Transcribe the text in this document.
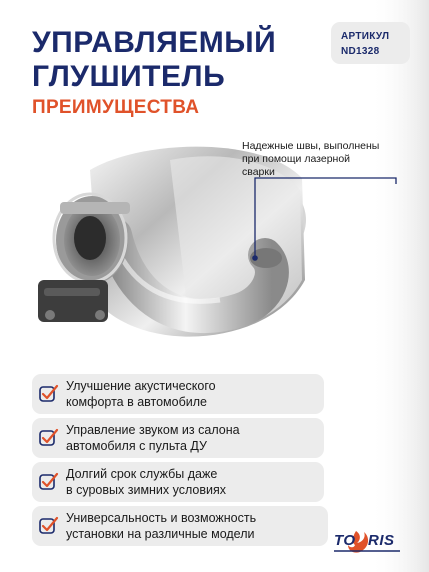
УПРАВЛЯЕМЫЙ
ГЛУШИТЕЛЬ
ПРЕИМУЩЕСТВА
АРТИКУЛ
ND1328
Надежные швы, выполнены
при помощи лазерной
сварки
Улучшение акустического
комфорта в автомобиле
Управление звуком из салона
автомобиля с пульта ДУ
Долгий срок службы даже
в суровых зимних условиях
Универсальность и возможность
установки на различные модели	TO RIS
